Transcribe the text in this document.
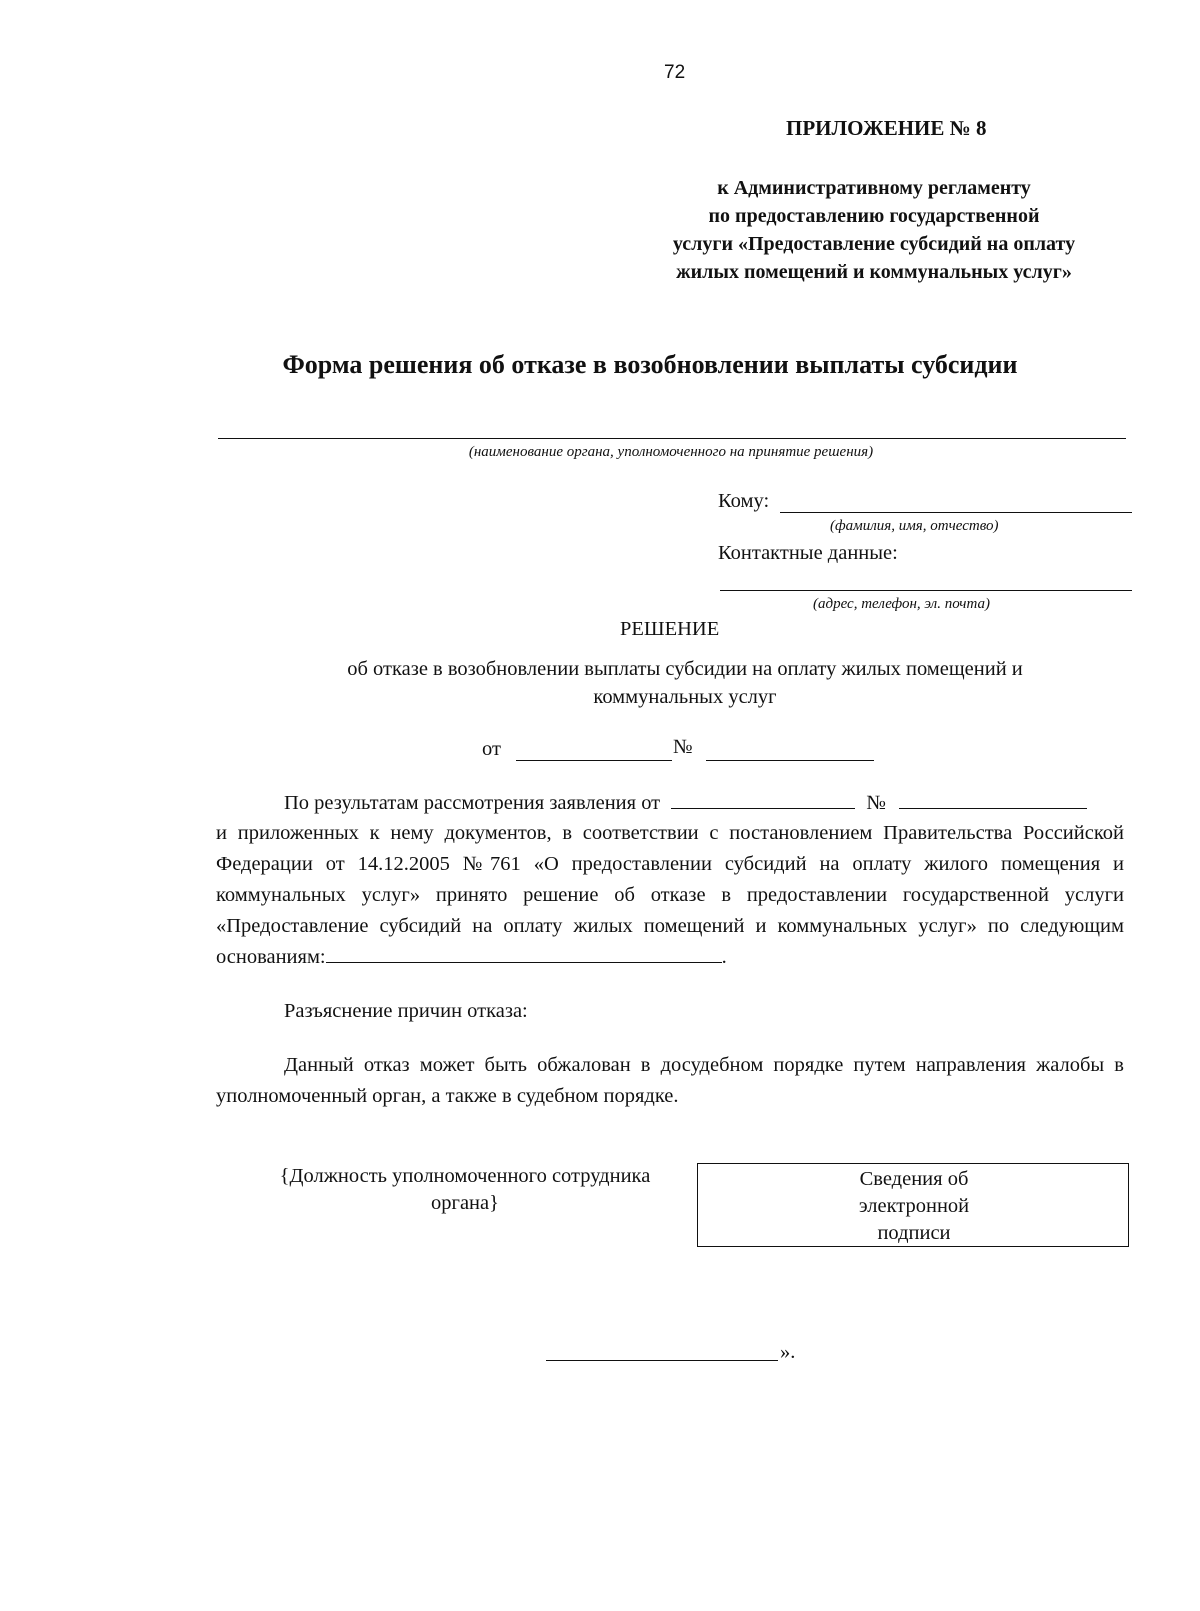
72
ПРИЛОЖЕНИЕ № 8
к Административному регламенту
по предоставлению государственной
услуги «Предоставление субсидий на оплату
жилых помещений и коммунальных услуг»
Форма решения об отказе в возобновлении выплаты субсидии
(наименование органа, уполномоченного на принятие решения)
Кому:
(фамилия, имя, отчество)
Контактные данные:
(адрес, телефон, эл. почта)
РЕШЕНИЕ
об отказе в возобновлении выплаты субсидии на оплату жилых помещений и
коммунальных услуг
от	№
По результатам рассмотрения заявления от	№
и приложенных к нему документов, в соответствии с постановлением Правительства Российской Федерации от 14.12.2005 №761 «О предоставлении субсидий на оплату жилого помещения и коммунальных услуг» принято решение об отказе в предоставлении государственной услуги «Предоставление субсидий на оплату жилых помещений и коммунальных услуг» по следующим основаниям:	.
Разъяснение причин отказа:
Данный отказ может быть обжалован в досудебном порядке путем направления жалобы в уполномоченный орган, а также в судебном порядке.
{Должность уполномоченного сотрудника
органа}
Сведения об
электронной
подписи
».
